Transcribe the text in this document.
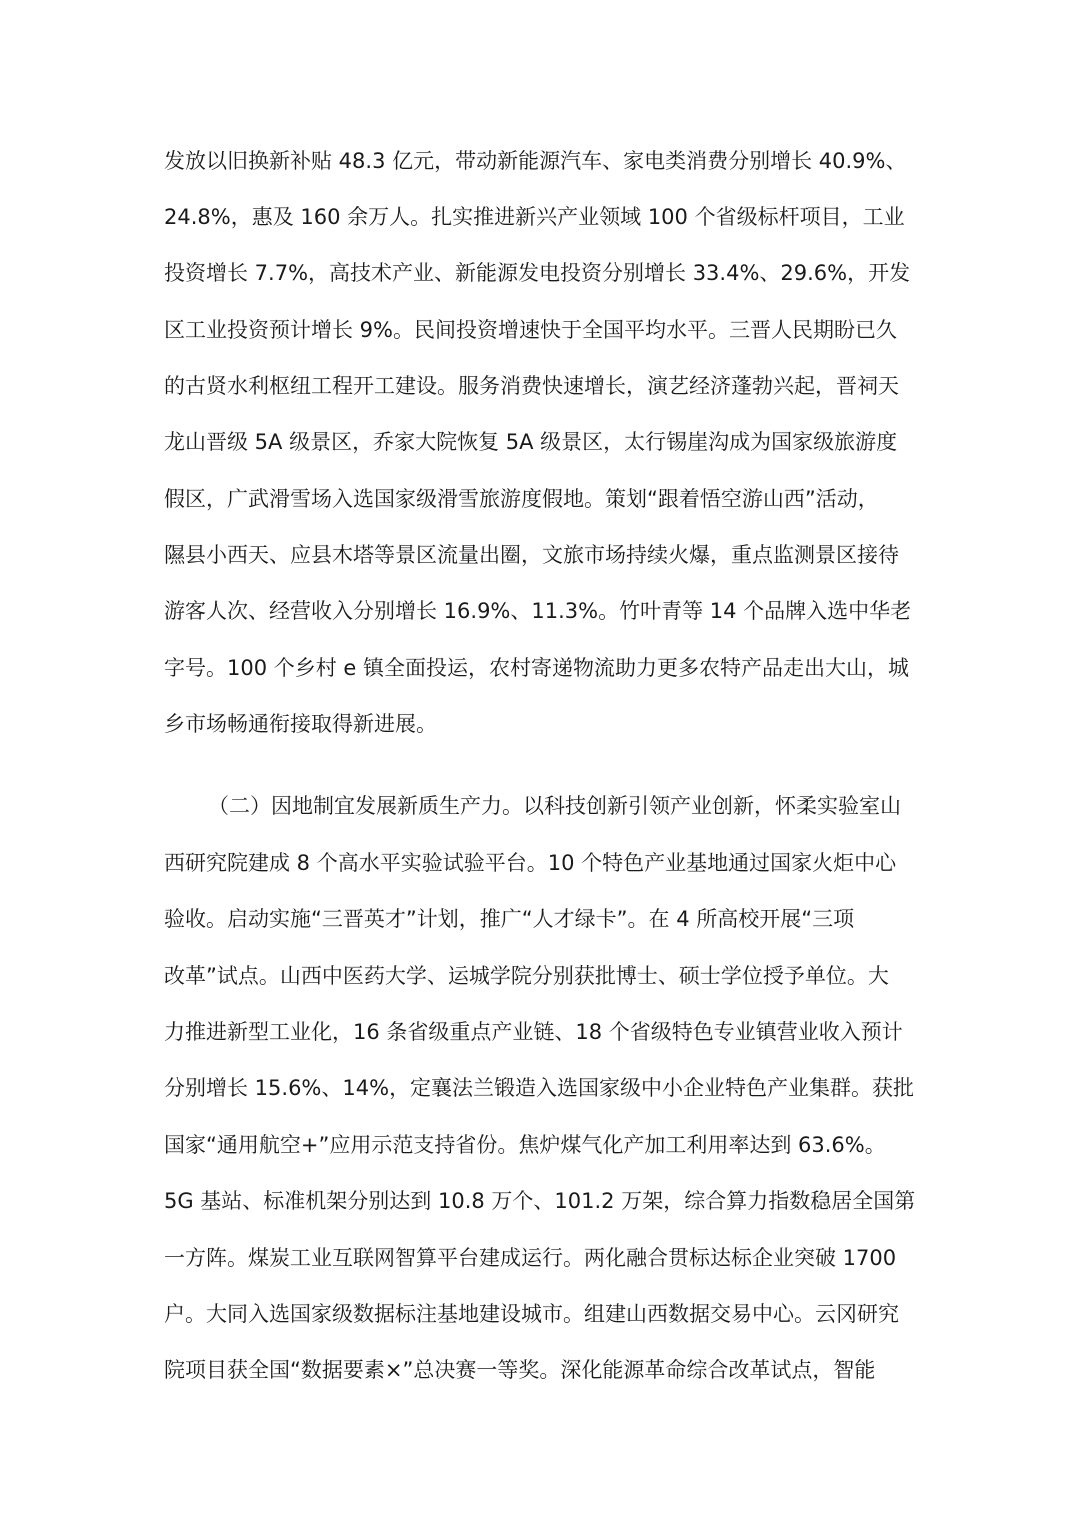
发放以旧换新补贴 48.3 亿元，带动新能源汽车、家电类消费分别增长 40.9%、
24.8%，惠及 160 余万人。扎实推进新兴产业领域 100 个省级标杆项目，工业
投资增长 7.7%，高技术产业、新能源发电投资分别增长 33.4%、29.6%，开发
区工业投资预计增长 9%。民间投资增速快于全国平均水平。三晋人民期盼已久
的古贤水利枢纽工程开工建设。服务消费快速增长，演艺经济蓬勃兴起，晋祠天
龙山晋级 5A 级景区，乔家大院恢复 5A 级景区，太行锡崖沟成为国家级旅游度
假区，广武滑雪场入选国家级滑雪旅游度假地。策划“跟着悟空游山西”活动，
隰县小西天、应县木塔等景区流量出圈，文旅市场持续火爆，重点监测景区接待
游客人次、经营收入分别增长 16.9%、11.3%。竹叶青等 14 个品牌入选中华老
字号。100 个乡村 e 镇全面投运，农村寄递物流助力更多农特产品走出大山，城
乡市场畅通衔接取得新进展。
（二）因地制宜发展新质生产力。以科技创新引领产业创新，怀柔实验室山
西研究院建成 8 个高水平实验试验平台。10 个特色产业基地通过国家火炬中心
验收。启动实施“三晋英才”计划，推广“人才绿卡”。在 4 所高校开展“三项
改革”试点。山西中医药大学、运城学院分别获批博士、硕士学位授予单位。大
力推进新型工业化，16 条省级重点产业链、18 个省级特色专业镇营业收入预计
分别增长 15.6%、14%，定襄法兰锻造入选国家级中小企业特色产业集群。获批
国家“通用航空+”应用示范支持省份。焦炉煤气化产加工利用率达到 63.6%。
5G 基站、标准机架分别达到 10.8 万个、101.2 万架，综合算力指数稳居全国第
一方阵。煤炭工业互联网智算平台建成运行。两化融合贯标达标企业突破 1700
户。大同入选国家级数据标注基地建设城市。组建山西数据交易中心。云冈研究
院项目获全国“数据要素×”总决赛一等奖。深化能源革命综合改革试点，智能
